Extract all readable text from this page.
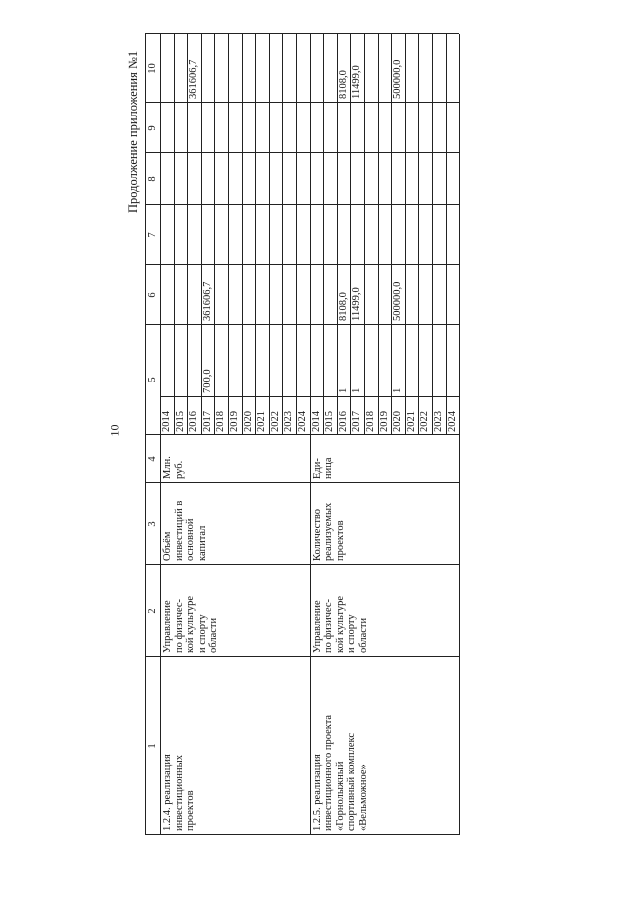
10
Продолжение приложения №1
1
2
3
4
5
6
7
8
9
10
1.2.4. реализация
инвестиционных
проектов
Управление
по физичес-
кой культуре
и спорту
области
Объём
инвестиций в
основной
капитал
Млн.
руб.
2014 2015 2016
361606,7
2017
700,0
361606,7
2018 2019 2020 2021 2022 2023 2024
1.2.5. реализация
инвестиционного проекта
«Горнолыжный
спортивный комплекс
«Вельможное»
Управление
по физичес-
кой культуре
и спорту
области
Количество
реализуемых
проектов
Еди-
ница
2014 2015 2016
1
8108,0
8108,0
2017
1
11499,0
11499,0
2018 2019 2020
1
500000,0
500000,0
2021 2022 2023 2024
